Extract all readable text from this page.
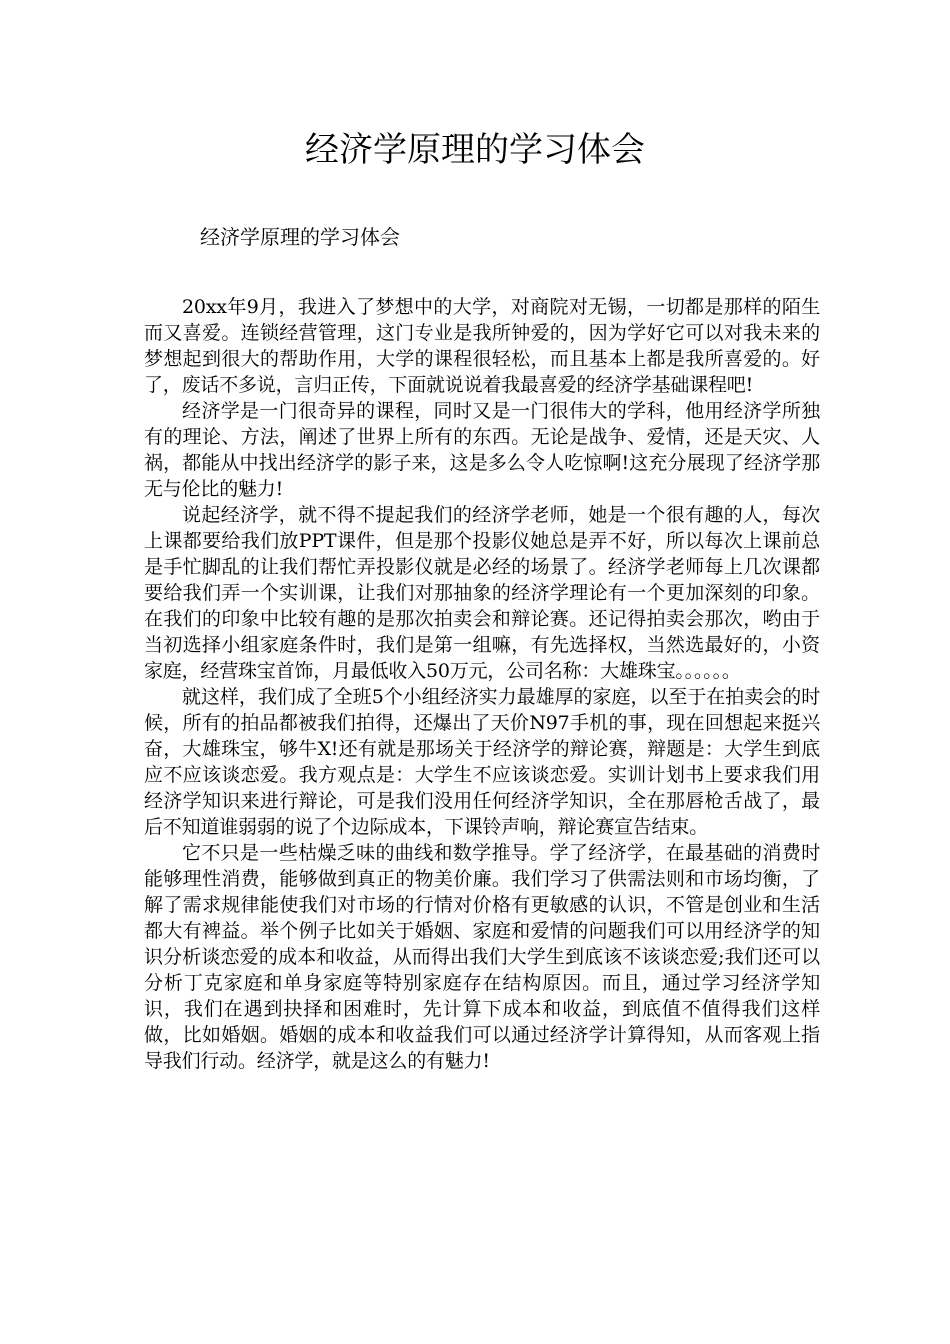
经济学原理的学习体会
经济学原理的学习体会

20xx年9月，我进入了梦想中的大学，对商院对无锡，一切都是那样的陌生而又喜爱。连锁经营管理，这门专业是我所钟爱的，因为学好它可以对我未来的梦想起到很大的帮助作用，大学的课程很轻松，而且基本上都是我所喜爱的。好了，废话不多说，言归正传，下面就说说着我最喜爱的经济学基础课程吧!

经济学是一门很奇异的课程，同时又是一门很伟大的学科，他用经济学所独有的理论、方法，阐述了世界上所有的东西。无论是战争、爱情，还是天灾、人祸，都能从中找出经济学的影子来，这是多么令人吃惊啊!这充分展现了经济学那无与伦比的魅力!

说起经济学，就不得不提起我们的经济学老师，她是一个很有趣的人，每次上课都要给我们放PPT课件，但是那个投影仪她总是弄不好，所以每次上课前总是手忙脚乱的让我们帮忙弄投影仪就是必经的场景了。经济学老师每上几次课都要给我们弄一个实训课，让我们对那抽象的经济学理论有一个更加深刻的印象。在我们的印象中比较有趣的是那次拍卖会和辩论赛。还记得拍卖会那次，哟由于当初选择小组家庭条件时，我们是第一组嘛，有先选择权，当然选最好的，小资家庭，经营珠宝首饰，月最低收入50万元，公司名称：大雄珠宝。。。。。。

就这样，我们成了全班5个小组经济实力最雄厚的家庭，以至于在拍卖会的时候，所有的拍品都被我们拍得，还爆出了天价N97手机的事，现在回想起来挺兴奋，大雄珠宝，够牛X!还有就是那场关于经济学的辩论赛，辩题是：大学生到底应不应该谈恋爱。我方观点是：大学生不应该谈恋爱。实训计划书上要求我们用经济学知识来进行辩论，可是我们没用任何经济学知识，全在那唇枪舌战了，最后不知道谁弱弱的说了个边际成本，下课铃声响，辩论赛宣告结束。

它不只是一些枯燥乏味的曲线和数学推导。学了经济学，在最基础的消费时能够理性消费，能够做到真正的物美价廉。我们学习了供需法则和市场均衡，了解了需求规律能使我们对市场的行情对价格有更敏感的认识，不管是创业和生活都大有裨益。举个例子比如关于婚姻、家庭和爱情的问题我们可以用经济学的知识分析谈恋爱的成本和收益，从而得出我们大学生到底该不该谈恋爱;我们还可以分析丁克家庭和单身家庭等特别家庭存在结构原因。而且，通过学习经济学知识，我们在遇到抉择和困难时，先计算下成本和收益，到底值不值得我们这样做，比如婚姻。婚姻的成本和收益我们可以通过经济学计算得知，从而客观上指导我们行动。经济学，就是这么的有魅力!
